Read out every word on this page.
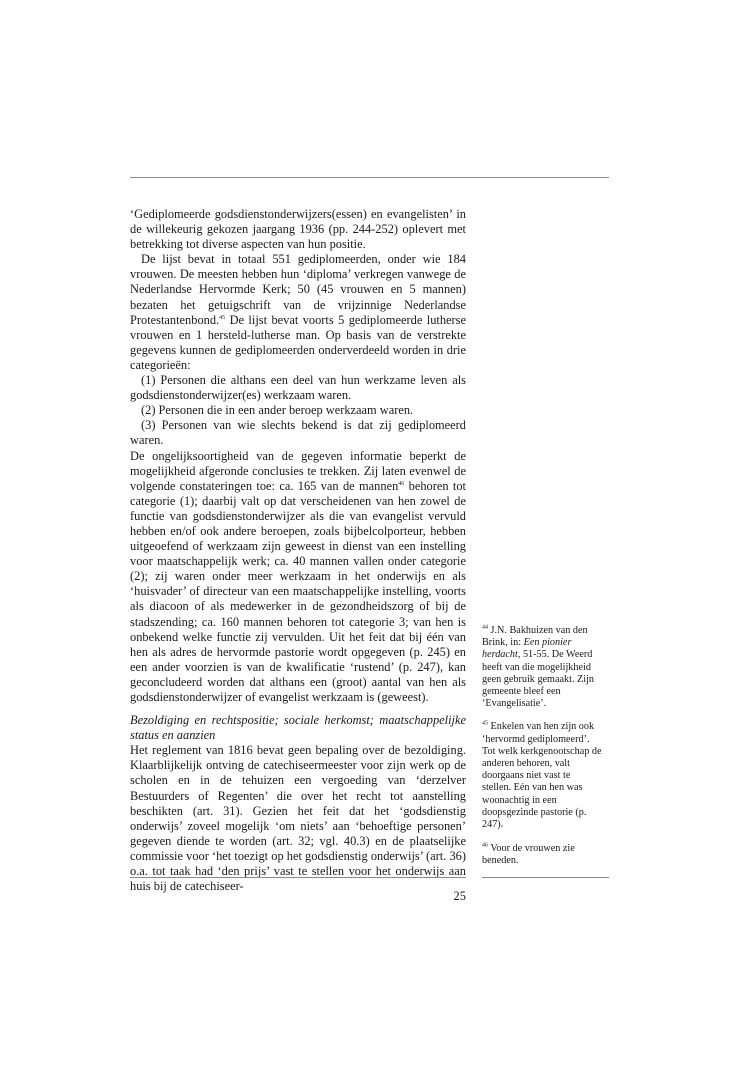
‘Gediplomeerde godsdienstonderwijzers(essen) en evangelisten’ in de willekeurig gekozen jaargang 1936 (pp. 244-252) oplevert met betrekking tot diverse aspecten van hun positie.

De lijst bevat in totaal 551 gediplomeerden, onder wie 184 vrouwen. De meesten hebben hun ‘diploma’ verkregen vanwege de Nederlandse Hervormde Kerk; 50 (45 vrouwen en 5 mannen) bezaten het getuigschrift van de vrijzinnige Nederlandse Protestantenbond.$^{45}$ De lijst bevat voorts 5 gediplomeerde lutherse vrouwen en 1 hersteld-lutherse man. Op basis van de verstrekte gegevens kunnen de gediplomeerden onderverdeeld worden in drie categorieën:

(1) Personen die althans een deel van hun werkzame leven als godsdienstonderwijzer(es) werkzaam waren.

(2) Personen die in een ander beroep werkzaam waren.

(3) Personen van wie slechts bekend is dat zij gediplomeerd waren.

De ongelijksoortigheid van de gegeven informatie beperkt de mogelijkheid afgeronde conclusies te trekken. Zij laten evenwel de volgende constateringen toe: ca. 165 van de mannen$^{46}$ behoren tot categorie (1); daarbij valt op dat verscheidenen van hen zowel de functie van godsdienstonderwijzer als die van evangelist vervuld hebben en/of ook andere beroepen, zoals bijbelcolporteur, hebben uitgeoefend of werkzaam zijn geweest in dienst van een instelling voor maatschappelijk werk; ca. 40 mannen vallen onder categorie (2); zij waren onder meer werkzaam in het onderwijs en als ‘huisvader’ of directeur van een maatschappelijke instelling, voorts als diacoon of als medewerker in de gezondheidszorg of bij de stadszending; ca. 160 mannen behoren tot categorie 3; van hen is onbekend welke functie zij vervulden. Uit het feit dat bij één van hen als adres de hervormde pastorie wordt opgegeven (p. 245) en een ander voorzien is van de kwalificatie ‘rustend’ (p. 247), kan geconcludeerd worden dat althans een (groot) aantal van hen als godsdienstonderwijzer of evangelist werkzaam is (geweest).

Bezoldiging en rechtspositie; sociale herkomst; maatschappelijke status en aanzien

Het reglement van 1816 bevat geen bepaling over de bezoldiging. Klaarblijkelijk ontving de catechiseermeester voor zijn werk op de scholen en in de tehuizen een vergoeding van ‘derzelver Bestuurders of Regenten’ die over het recht tot aanstelling beschikten (art. 31). Gezien het feit dat het ‘godsdienstig onderwijs’ zoveel mogelijk ‘om niets’ aan ‘behoeftige personen’ gegeven diende te worden (art. 32; vgl. 40.3) en de plaatselijke commissie voor ‘het toezigt op het godsdienstig onderwijs’ (art. 36) o.a. tot taak had ‘den prijs’ vast te stellen voor het onderwijs aan huis bij de catechiseer-

$^{44}$ J.N. Bakhuizen van den Brink, in: Een pionier herdacht, 51-55. De Weerd heeft van die mogelijkheid geen gebruik gemaakt. Zijn gemeente bleef een ‘Evangelisatie’.

$^{45}$ Enkelen van hen zijn ook ‘hervormd gediplomeerd’. Tot welk kerkgenootschap de anderen behoren, valt doorgaans niet vast te stellen. Eén van hen was woonachtig in een doopsgezinde pastorie (p. 247).

$^{46}$ Voor de vrouwen zie beneden.

25
